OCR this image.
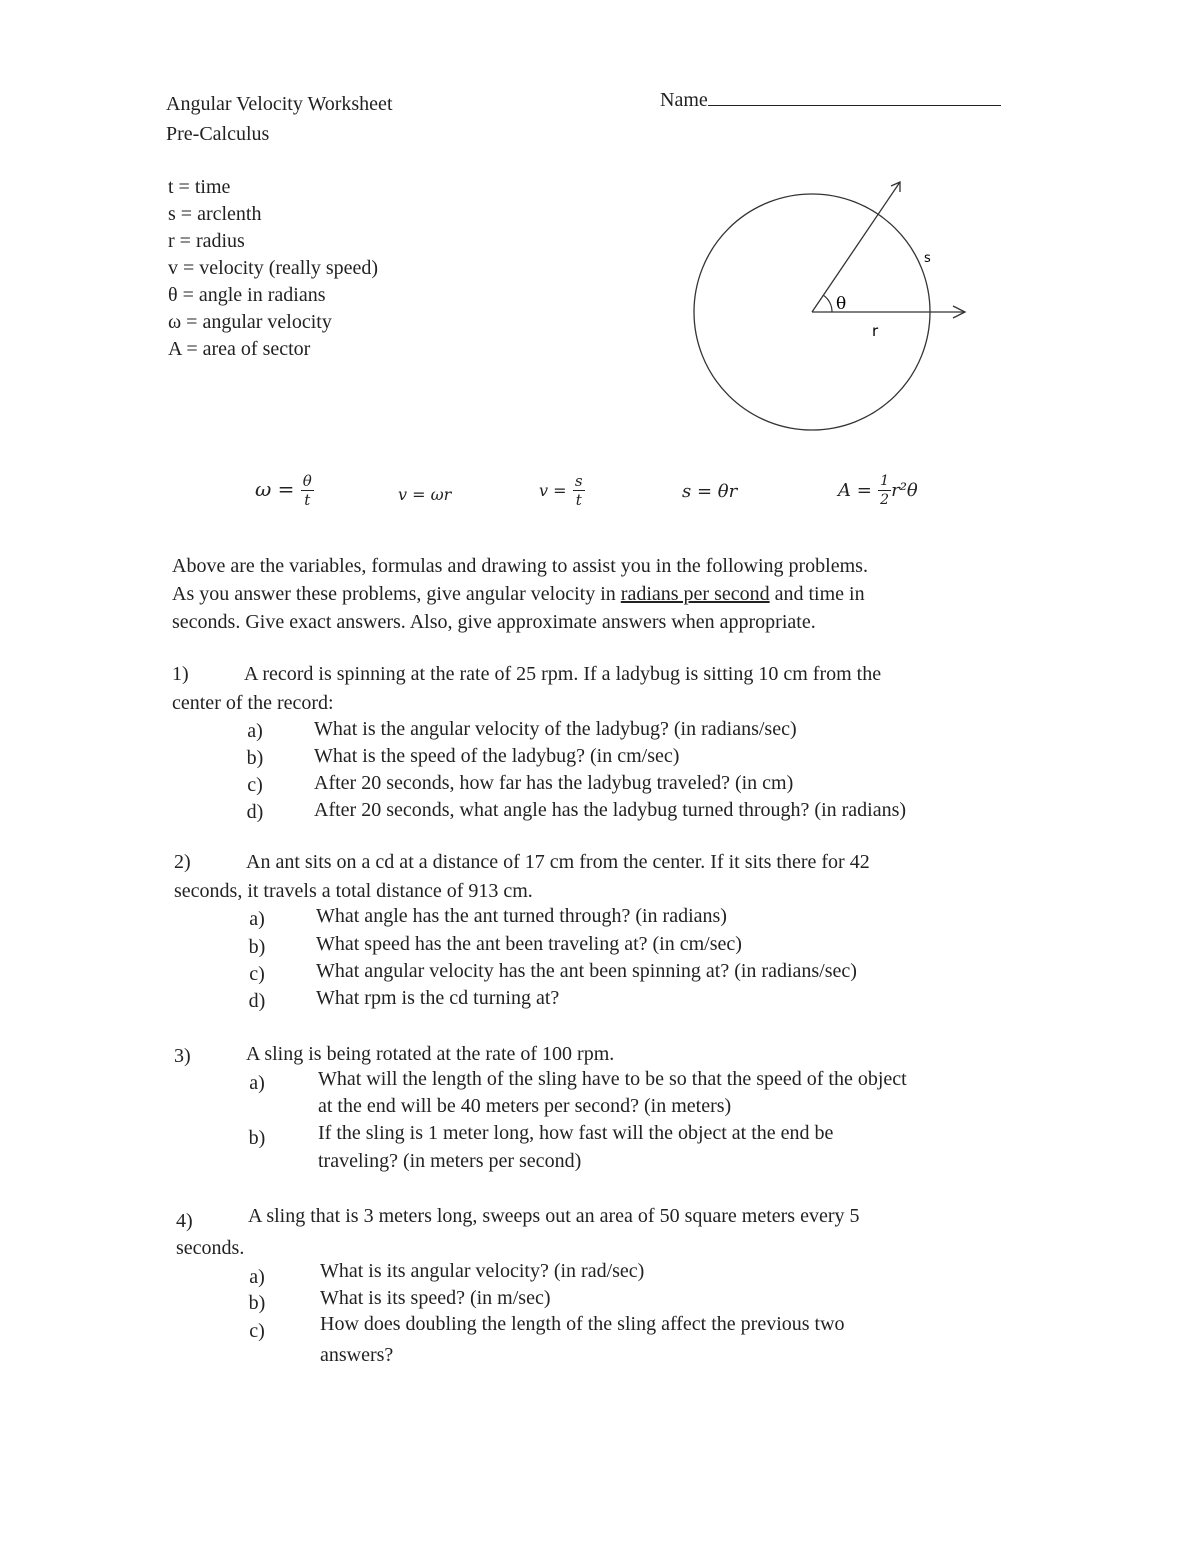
Angular Velocity Worksheet
Pre-Calculus
Name
t = time
s = arclenth
r = radius
v = velocity (really speed)
θ = angle in radians
ω = angular velocity
A = area of sector
θ
r
s
$\omega = \frac{\theta}{t}$	v = ωr	$v = \frac{s}{t}$	s = θr	$A = \frac{1}{2} r^2\theta$
Above are the variables, formulas and drawing to assist you in the following problems.
As you answer these problems, give angular velocity in radians per second and time in
seconds. Give exact answers. Also, give approximate answers when appropriate.
1)	A record is spinning at the rate of 25 rpm. If a ladybug is sitting 10 cm from the
center of the record:
a)	What is the angular velocity of the ladybug? (in radians/sec)
b)	What is the speed of the ladybug? (in cm/sec)
c)	After 20 seconds, how far has the ladybug traveled? (in cm)
d)	After 20 seconds, what angle has the ladybug turned through? (in radians)
2)	An ant sits on a cd at a distance of 17 cm from the center. If it sits there for 42
seconds, it travels a total distance of 913 cm.
a)	What angle has the ant turned through? (in radians)
b)	What speed has the ant been traveling at? (in cm/sec)
c)	What angular velocity has the ant been spinning at? (in radians/sec)
d)	What rpm is the cd turning at?
3)	A sling is being rotated at the rate of 100 rpm.
a)	What will the length of the sling have to be so that the speed of the object
at the end will be 40 meters per second? (in meters)
b)	If the sling is 1 meter long, how fast will the object at the end be
traveling? (in meters per second)
4)	A sling that is 3 meters long, sweeps out an area of 50 square meters every 5
seconds.
a)	What is its angular velocity? (in rad/sec)
b)	What is its speed? (in m/sec)
c)	How does doubling the length of the sling affect the previous two
answers?
